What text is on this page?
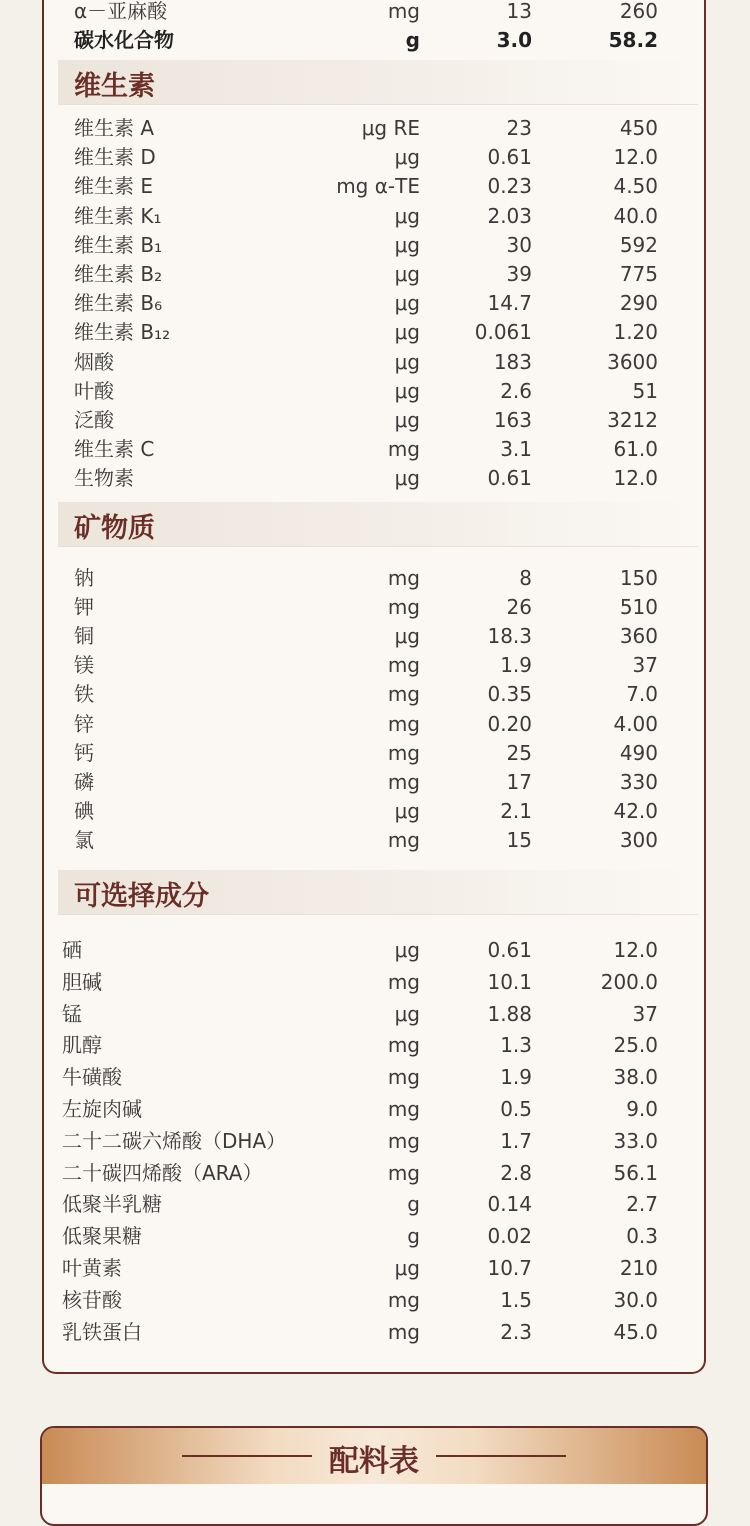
α－亚麻酸	mg	13	260
碳水化合物	g	3.0	58.2
维生素
维生素 A	μg RE	23	450
维生素 D	μg	0.61	12.0
维生素 E	mg α-TE	0.23	4.50
维生素 K₁	μg	2.03	40.0
维生素 B₁	μg	30	592
维生素 B₂	μg	39	775
维生素 B₆	μg	14.7	290
维生素 B₁₂	μg	0.061	1.20
烟酸	μg	183	3600
叶酸	μg	2.6	51
泛酸	μg	163	3212
维生素 C	mg	3.1	61.0
生物素	μg	0.61	12.0
矿物质
钠	mg	8	150
钾	mg	26	510
铜	μg	18.3	360
镁	mg	1.9	37
铁	mg	0.35	7.0
锌	mg	0.20	4.00
钙	mg	25	490
磷	mg	17	330
碘	μg	2.1	42.0
氯	mg	15	300
可选择成分
硒	μg	0.61	12.0
胆碱	mg	10.1	200.0
锰	μg	1.88	37
肌醇	mg	1.3	25.0
牛磺酸	mg	1.9	38.0
左旋肉碱	mg	0.5	9.0
二十二碳六烯酸（DHA）	mg	1.7	33.0
二十碳四烯酸（ARA）	mg	2.8	56.1
低聚半乳糖	g	0.14	2.7
低聚果糖	g	0.02	0.3
叶黄素	μg	10.7	210
核苷酸	mg	1.5	30.0
乳铁蛋白	mg	2.3	45.0
配料表
